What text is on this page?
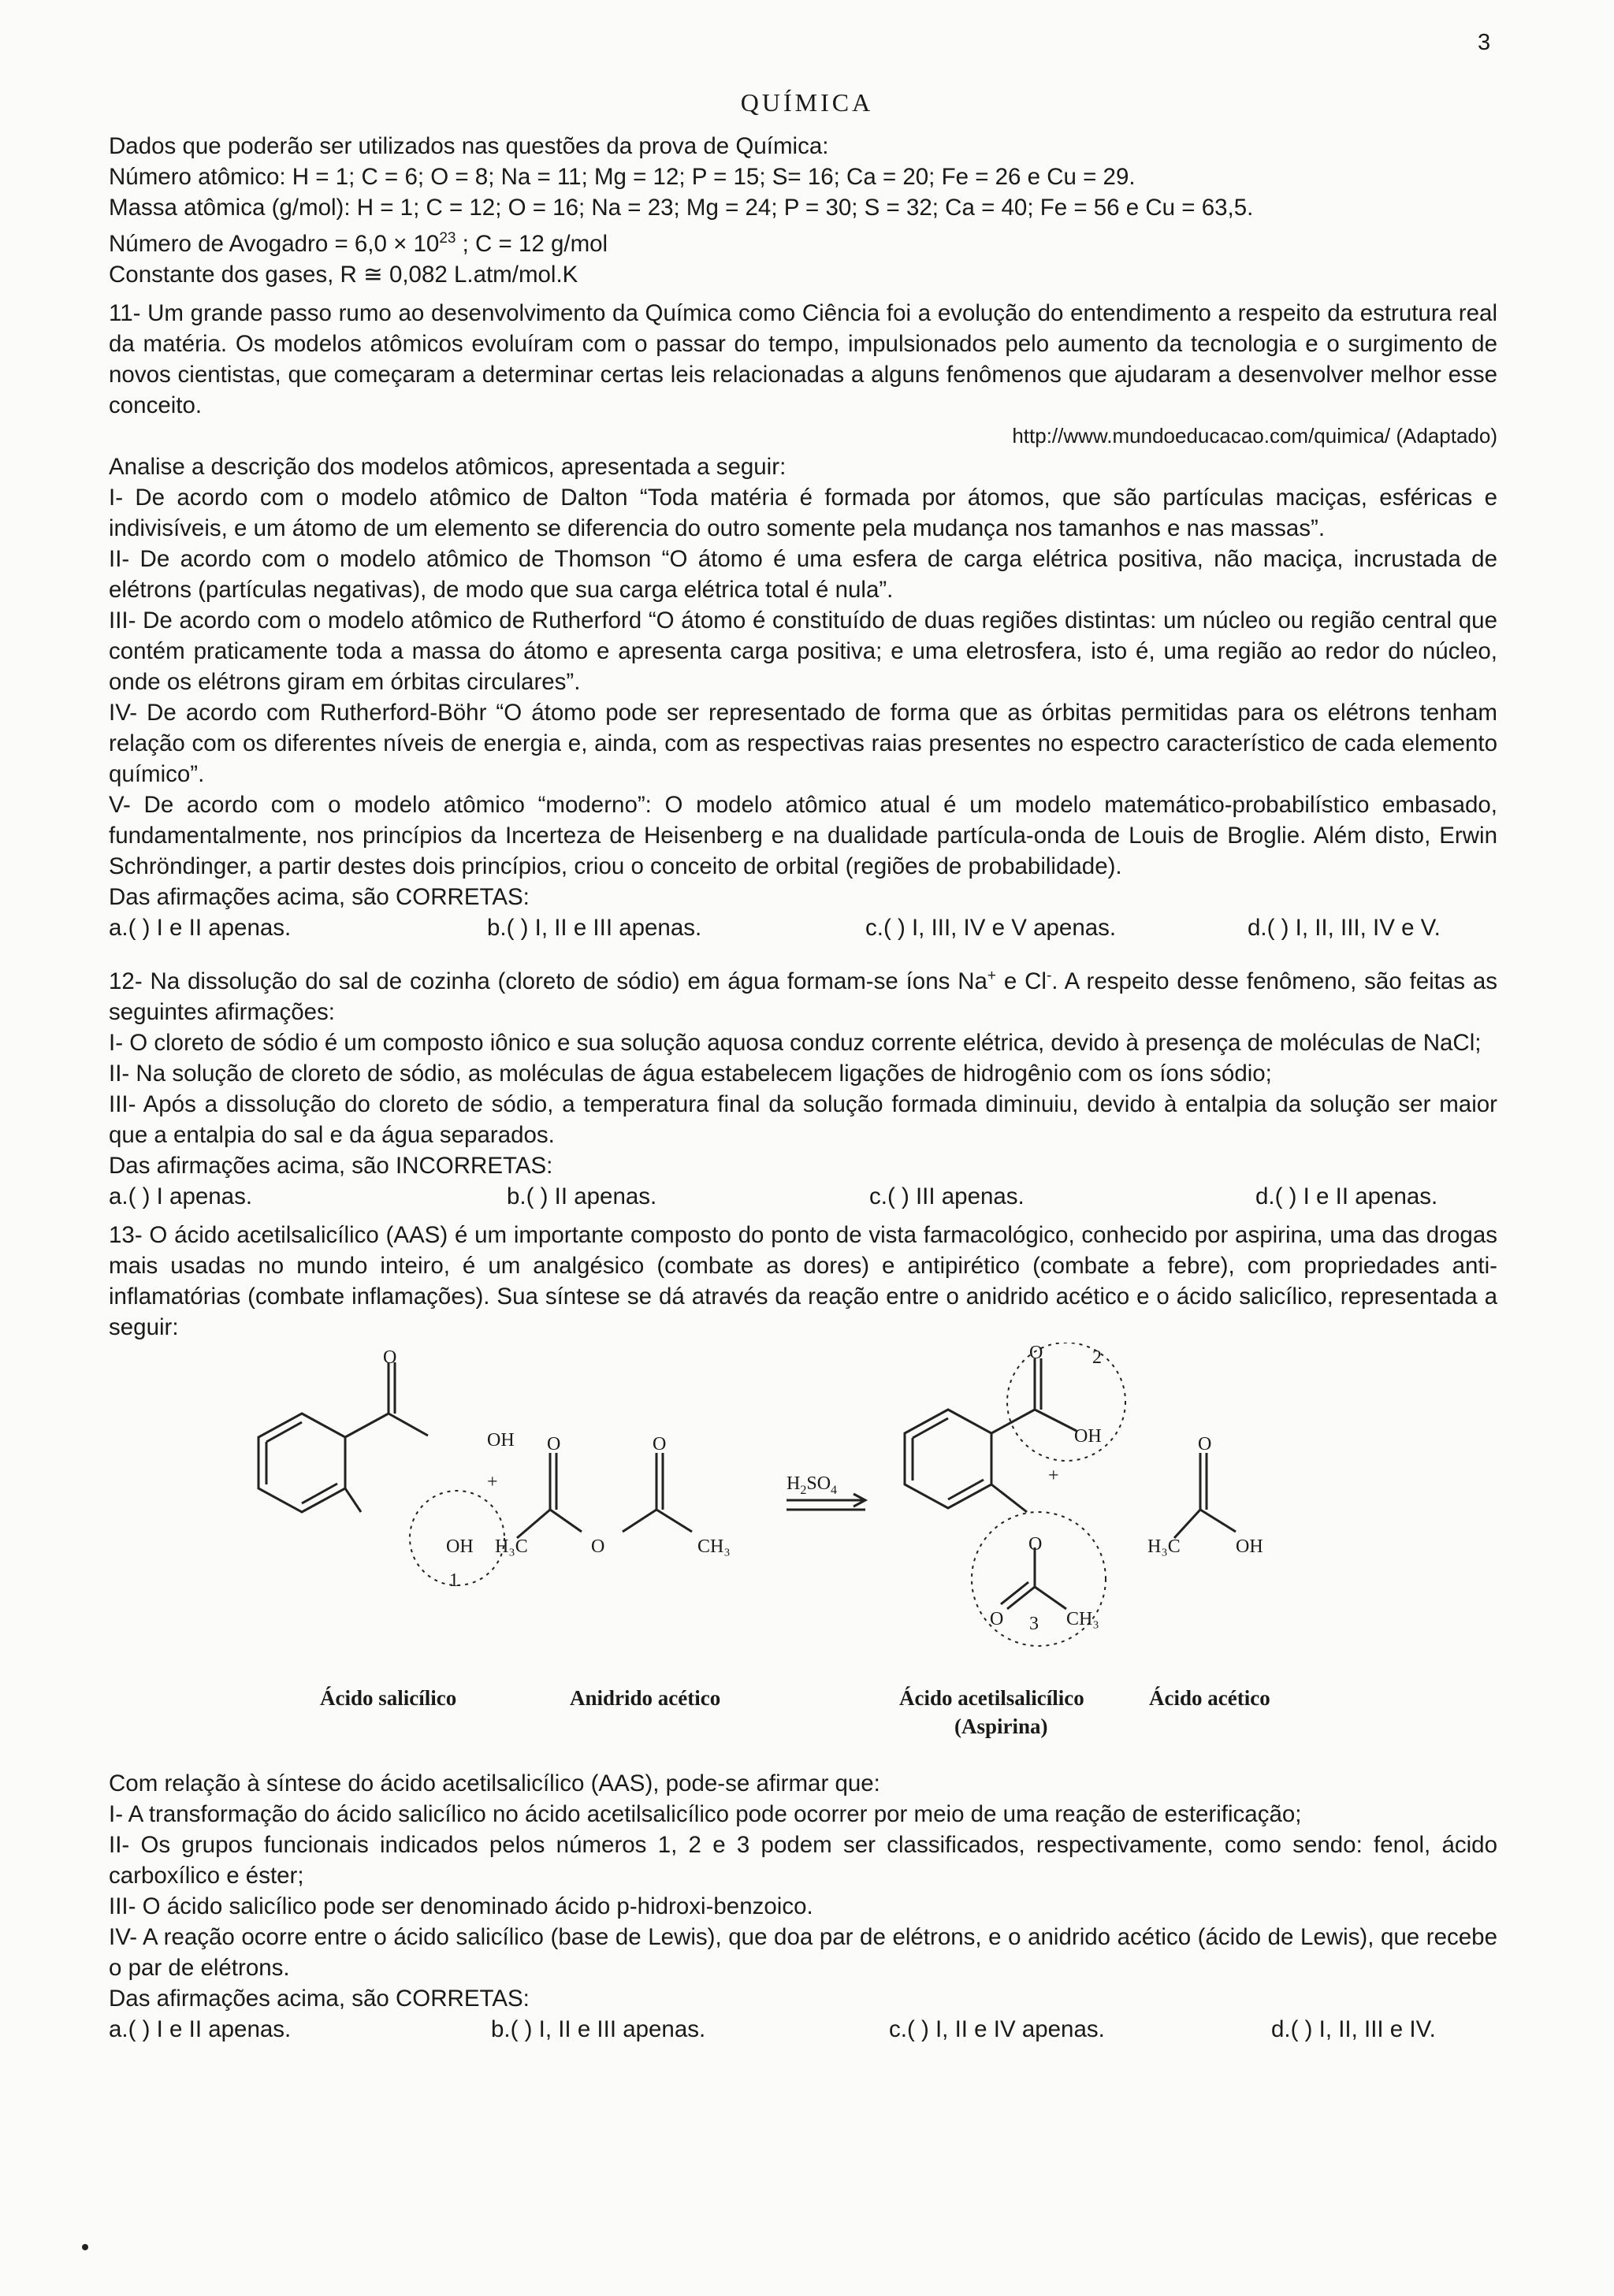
3
QUÍMICA

Dados que poderão ser utilizados nas questões da prova de Química:

Número atômico: H = 1; C = 6; O = 8; Na = 11; Mg = 12; P = 15; S= 16; Ca = 20; Fe = 26 e Cu = 29.

Massa atômica (g/mol): H = 1; C = 12; O = 16; Na = 23; Mg = 24; P = 30; S = 32; Ca = 40; Fe = 56 e Cu = 63,5.

Número de Avogadro = $6,0 \times 10^{23}$ ; C = 12 g/mol

Constante dos gases, R ≅ 0,082 L.atm/mol.K

11- Um grande passo rumo ao desenvolvimento da Química como Ciência foi a evolução do entendimento a respeito da estrutura real da matéria. Os modelos atômicos evoluíram com o passar do tempo, impulsionados pelo aumento da tecnologia e o surgimento de novos cientistas, que começaram a determinar certas leis relacionadas a alguns fenômenos que ajudaram a desenvolver melhor esse conceito.

http://www.mundoeducacao.com/quimica/ (Adaptado)

Analise a descrição dos modelos atômicos, apresentada a seguir:

I- De acordo com o modelo atômico de Dalton “Toda matéria é formada por átomos, que são partículas maciças, esféricas e indivisíveis, e um átomo de um elemento se diferencia do outro somente pela mudança nos tamanhos e nas massas”.

II- De acordo com o modelo atômico de Thomson “O átomo é uma esfera de carga elétrica positiva, não maciça, incrustada de elétrons (partículas negativas), de modo que sua carga elétrica total é nula”.

III- De acordo com o modelo atômico de Rutherford “O átomo é constituído de duas regiões distintas: um núcleo ou região central que contém praticamente toda a massa do átomo e apresenta carga positiva; e uma eletrosfera, isto é, uma região ao redor do núcleo, onde os elétrons giram em órbitas circulares”.

IV- De acordo com Rutherford-Böhr “O átomo pode ser representado de forma que as órbitas permitidas para os elétrons tenham relação com os diferentes níveis de energia e, ainda, com as respectivas raias presentes no espectro característico de cada elemento químico”.

V- De acordo com o modelo atômico “moderno”: O modelo atômico atual é um modelo matemático-probabilístico embasado, fundamentalmente, nos princípios da Incerteza de Heisenberg e na dualidade partícula-onda de Louis de Broglie. Além disto, Erwin Schröndinger, a partir destes dois princípios, criou o conceito de orbital (regiões de probabilidade).

Das afirmações acima, são CORRETAS:

a.( ) I e II apenas.	b.( ) I, II e III apenas.	c.( ) I, III, IV e V apenas.	d.( ) I, II, III, IV e V.

12- Na dissolução do sal de cozinha (cloreto de sódio) em água formam-se íons Na+ e Cl-. A respeito desse fenômeno, são feitas as seguintes afirmações:

I- O cloreto de sódio é um composto iônico e sua solução aquosa conduz corrente elétrica, devido à presença de moléculas de NaCl;

II- Na solução de cloreto de sódio, as moléculas de água estabelecem ligações de hidrogênio com os íons sódio;

III- Após a dissolução do cloreto de sódio, a temperatura final da solução formada diminuiu, devido à entalpia da solução ser maior que a entalpia do sal e da água separados.

Das afirmações acima, são INCORRETAS:

a.( ) I apenas.	b.( ) II apenas.	c.( ) III apenas.	d.( ) I e II apenas.

13- O ácido acetilsalicílico (AAS) é um importante composto do ponto de vista farmacológico, conhecido por aspirina, uma das drogas mais usadas no mundo inteiro, é um analgésico (combate as dores) e antipirético (combate a febre), com propriedades anti-inflamatórias (combate inflamações). Sua síntese se dá através da reação entre o anidrido acético e o ácido salicílico, representada a seguir:

O
OH O	O
+
OH H₃C	O	CH₃
1
$H_2SO_4$
O	2
OH
+
O
O 3 CH₃
O
H₃C	OH
Ácido salicílico	Anidrido acético	Ácido acetilsalicílico
(Aspirina)
Ácido acético

Com relação à síntese do ácido acetilsalicílico (AAS), pode-se afirmar que:

I- A transformação do ácido salicílico no ácido acetilsalicílico pode ocorrer por meio de uma reação de esterificação;

II- Os grupos funcionais indicados pelos números 1, 2 e 3 podem ser classificados, respectivamente, como sendo: fenol, ácido carboxílico e éster;

III- O ácido salicílico pode ser denominado ácido p-hidroxi-benzoico.

IV- A reação ocorre entre o ácido salicílico (base de Lewis), que doa par de elétrons, e o anidrido acético (ácido de Lewis), que recebe o par de elétrons.

Das afirmações acima, são CORRETAS:

a.( ) I e II apenas.	b.( ) I, II e III apenas.	c.( ) I, II e IV apenas.	d.( ) I, II, III e IV.
